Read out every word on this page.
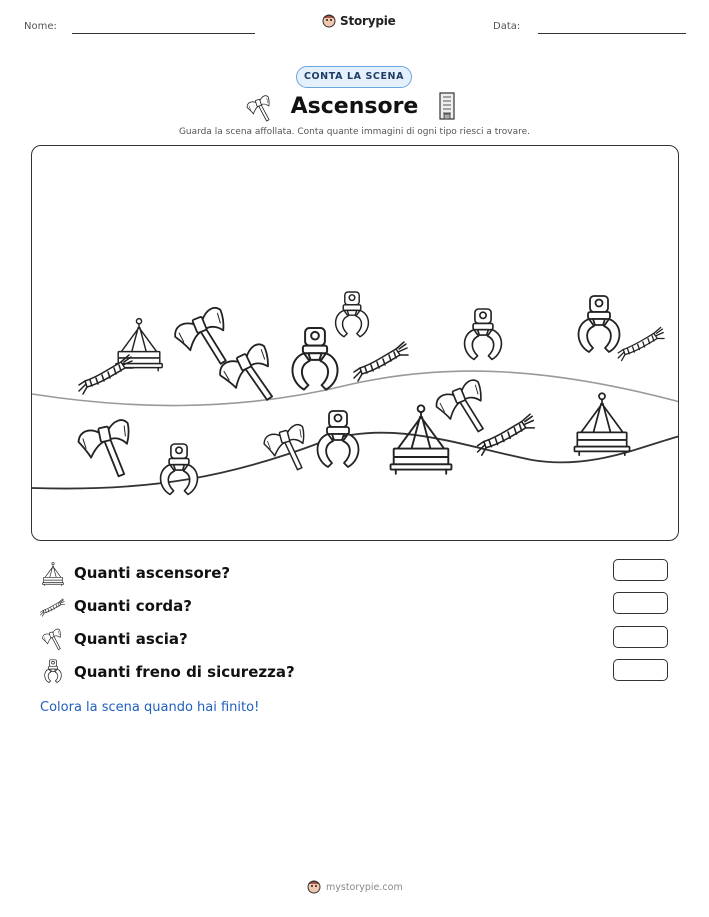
Nome:	Data:
Storypie
CONTA LA SCENA
Ascensore
Guarda la scena affollata. Conta quante immagini di ogni tipo riesci a trovare.
Quanti ascensore?
Quanti corda?
Quanti ascia?
Quanti freno di sicurezza?
Colora la scena quando hai finito!
mystorypie.com
